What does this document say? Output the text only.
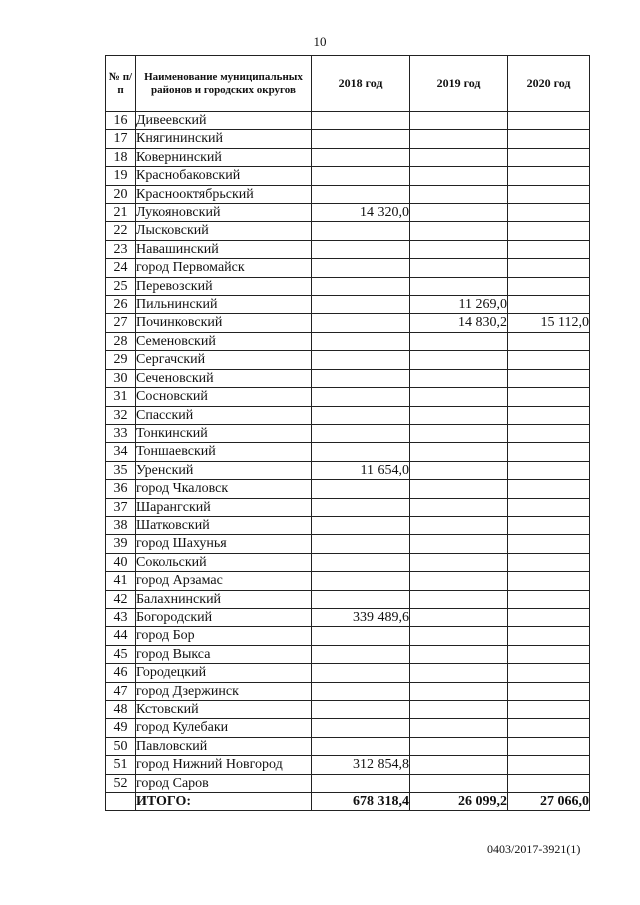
10
№ п/п	Наименование муниципальных районов и городских округов	2018 год	2019 год	2020 год
16	Дивеевский			
17	Княгининский			
18	Ковернинский			
19	Краснобаковский			
20	Краснооктябрьский			
21	Лукояновский	14 320,0		
22	Лысковский			
23	Навашинский			
24	город Первомайск			
25	Перевозский			
26	Пильнинский		11 269,0	
27	Починковский		14 830,2	15 112,0
28	Семеновский			
29	Сергачский			
30	Сеченовский			
31	Сосновский			
32	Спасский			
33	Тонкинский			
34	Тоншаевский			
35	Уренский	11 654,0		
36	город Чкаловск			
37	Шарангский			
38	Шатковский			
39	город Шахунья			
40	Сокольский			
41	город Арзамас			
42	Балахнинский			
43	Богородский	339 489,6		
44	город Бор			
45	город Выкса			
46	Городецкий			
47	город Дзержинск			
48	Кстовский			
49	город Кулебаки			
50	Павловский			
51	город Нижний Новгород	312 854,8		
52	город Саров			
	ИТОГО:	678 318,4	26 099,2	27 066,0
0403/2017-3921(1)
